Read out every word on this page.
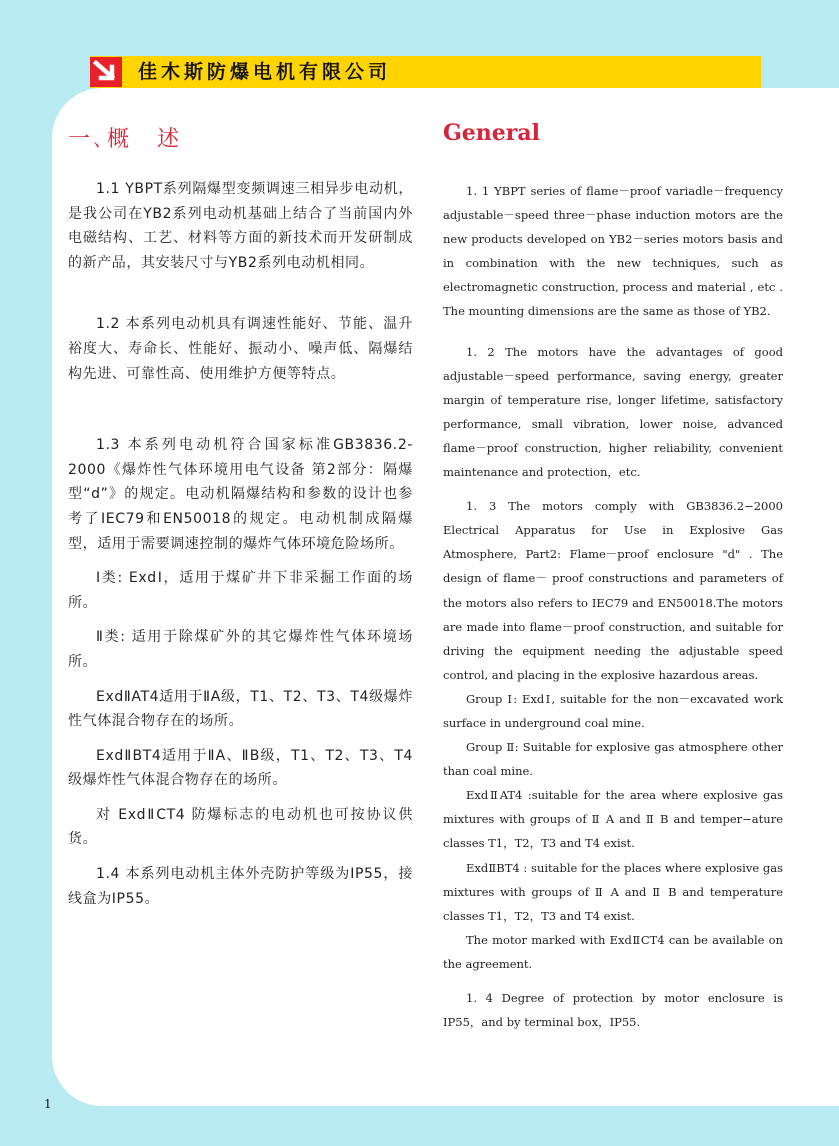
佳木斯防爆电机有限公司
一､概　述	General

1.1 YBPT系列隔爆型变频调速三相异步电动机，是我公司在YB2系列电动机基础上结合了当前国内外电磁结构、工艺、材料等方面的新技术而开发研制成的新产品，其安装尺寸与YB2系列电动机相同。

1.2 本系列电动机具有调速性能好、节能、温升裕度大、寿命长、性能好、振动小、噪声低、隔爆结构先进、可靠性高、使用维护方便等特点。

1.3 本系列电动机符合国家标准GB3836.2-2000《爆炸性气体环境用电气设备 第2部分：隔爆型“d”》的规定。电动机隔爆结构和参数的设计也参考了IEC79和EN50018的规定。电动机制成隔爆型，适用于需要调速控制的爆炸气体环境危险场所。

Ⅰ类: ExdⅠ，适用于煤矿井下非采掘工作面的场所。

Ⅱ类: 适用于除煤矿外的其它爆炸性气体环境场所。

ExdⅡAT4适用于ⅡA级，T1、T2、T3、T4级爆炸性气体混合物存在的场所。

ExdⅡBT4适用于ⅡA、ⅡB级，T1、T2、T3、T4级爆炸性气体混合物存在的场所。

对 ExdⅡCT4 防爆标志的电动机也可按协议供货。

1.4 本系列电动机主体外壳防护等级为IP55，接线盒为IP55。

1. 1 YBPT series of flame－proof variadle－frequency adjustable－speed three－phase induction motors are the new products developed on YB2－series motors basis and in combination with the new techniques, such as electromagnetic construction, process and material , etc . The mounting dimensions are the same as those of YB2.

1. 2 The motors have the advantages of good adjustable－speed performance, saving energy, greater margin of temperature rise, longer lifetime, satisfactory performance, small vibration, lower noise, advanced flame－proof construction, higher reliability, convenient maintenance and protection，etc.

1. 3 The motors comply with GB3836.2−2000 Electrical Apparatus for Use in Explosive Gas Atmosphere, Part2: Flame－proof enclosure "d" . The design of flame－ proof constructions and parameters of the motors also refers to IEC79 and EN50018.The motors are made into flame－proof construction, and suitable for driving the equipment needing the adjustable speed control, and placing in the explosive hazardous areas.

Group Ⅰ: ExdⅠ, suitable for the non－excavated work surface in underground coal mine.

Group Ⅱ: Suitable for explosive gas atmosphere other than coal mine.

ExdⅡAT4 :suitable for the area where explosive gas mixtures with groups of Ⅱ A and Ⅱ B and temper−ature classes T1，T2，T3 and T4 exist.

ExdⅡBT4 : suitable for the places where explosive gas mixtures with groups of Ⅱ A and Ⅱ B and temperature classes T1，T2，T3 and T4 exist.

The motor marked with ExdⅡCT4 can be available on the agreement.

1. 4 Degree of protection by motor enclosure is IP55，and by terminal box，IP55.

1
